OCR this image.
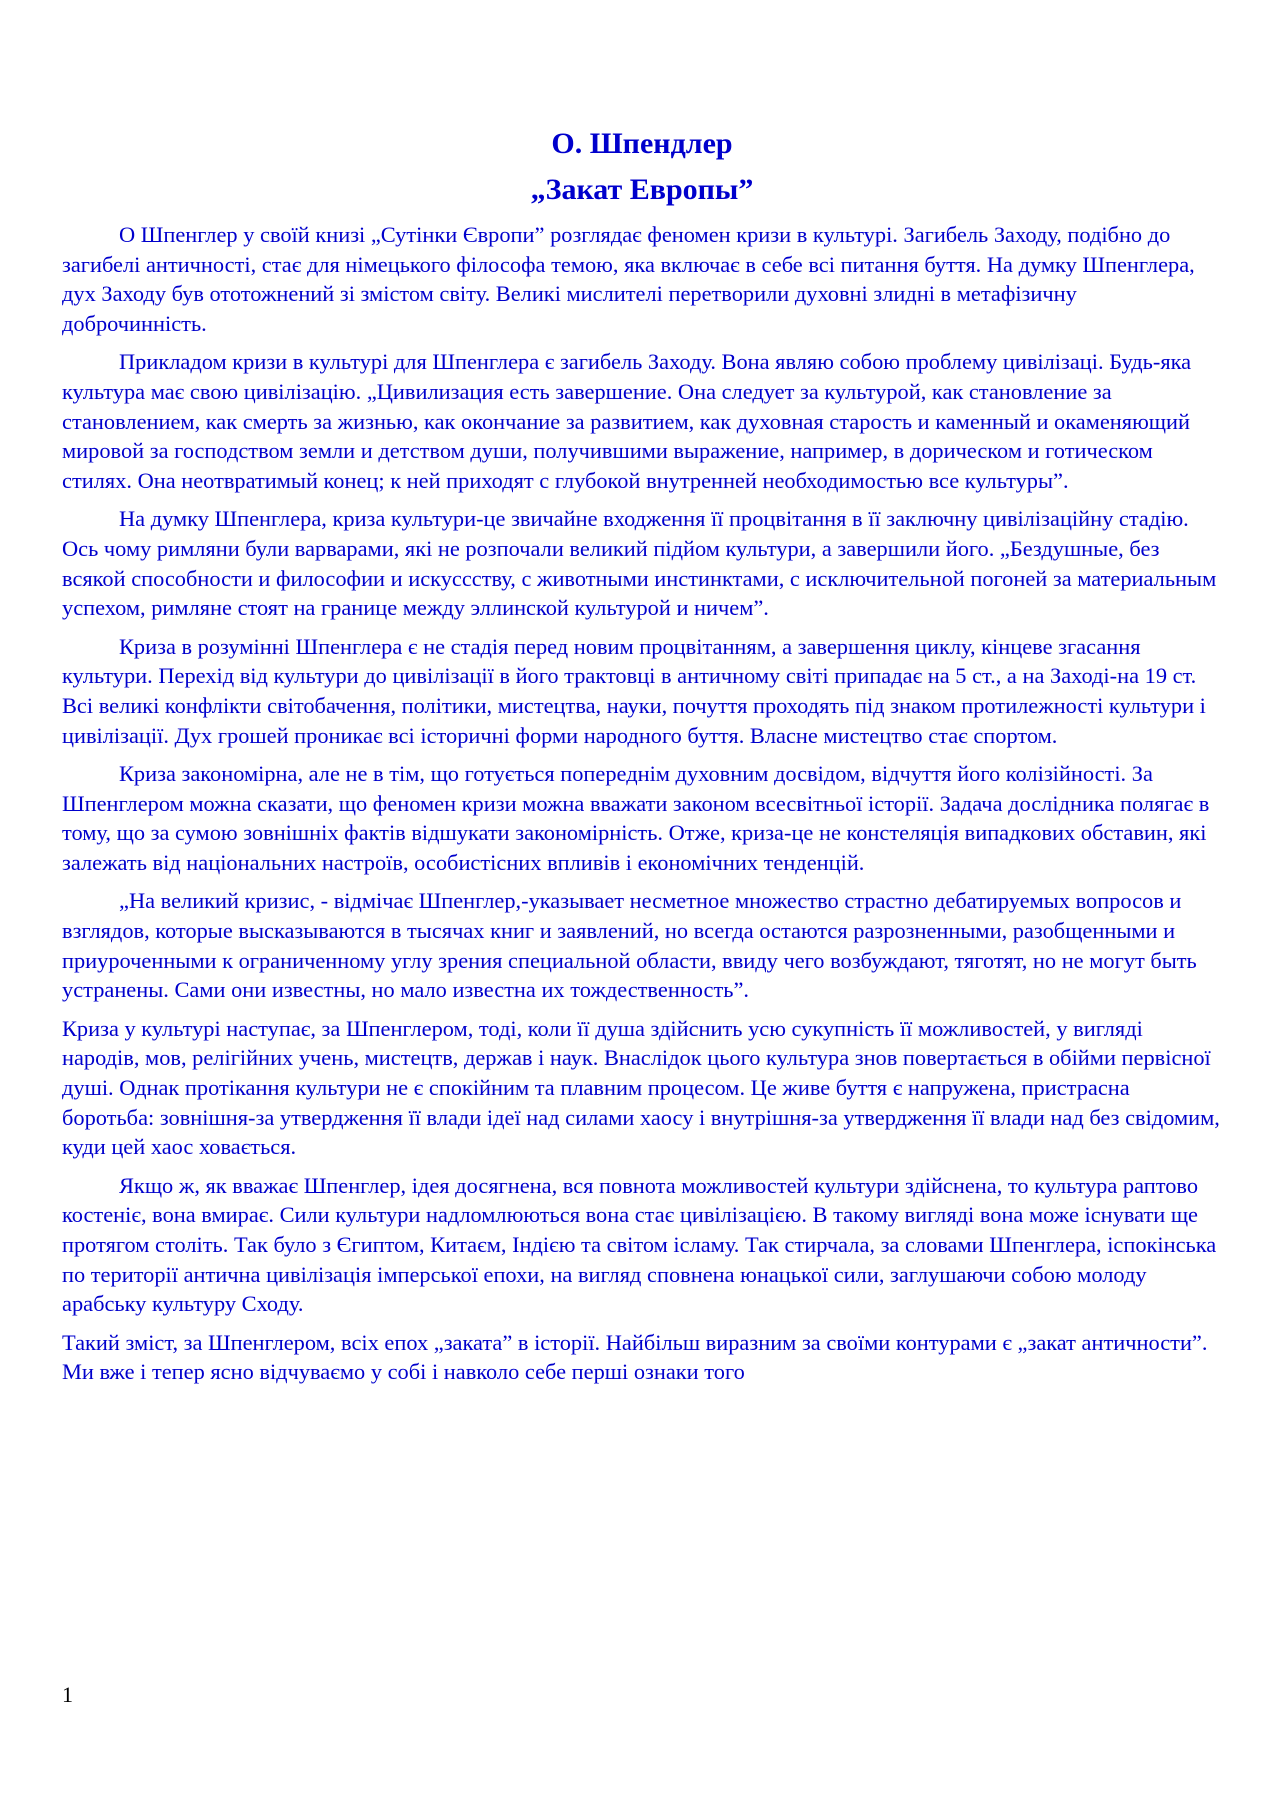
О. Шпендлер
„Закат Европы”

О Шпенглер у своїй книзі „Сутінки Європи” розглядає феномен кризи в культурі. Загибель Заходу, подібно до загибелі античності, стає для німецького філософа темою, яка включає в себе всі питання буття. На думку Шпенглера, дух Заходу був ототожнений зі змістом світу. Великі мислителі перетворили духовні злидні в метафізичну доброчинність.

Прикладом кризи в культурі для Шпенглера є загибель Заходу. Вона являю собою проблему цивілізаці. Будь-яка культура має свою цивілізацію. „Цивилизация есть завершение. Она следует за культурой, как становление за становлением, как смерть за жизнью, как окончание за развитием, как духовная старость и каменный и окаменяющий мировой за господством земли и детством души, получившими выражение, например, в дорическом и готическом стилях. Она неотвратимый конец; к ней приходят с глубокой внутренней необходимостью все культуры”.

На думку Шпенглера, криза культури-це звичайне входження її процвітання в її заключну цивілізаційну стадію. Ось чому римляни були варварами, які не розпочали великий підйом культури, а завершили його. „Бездушные, без всякой способности и философии и искуссству, с животными инстинктами, с исключительной погоней за материальным успехом, римляне стоят на границе между эллинской культурой и ничем”.

Криза в розумінні Шпенглера є не стадія перед новим процвітанням, а завершення циклу, кінцеве згасання культури. Перехід від культури до цивілізації в його трактовці в античному світі припадає на 5 ст., а на Заході-на 19 ст. Всі великі конфлікти світобачення, політики, мистецтва, науки, почуття проходять під знаком протилежності культури і цивілізації. Дух грошей проникає всі історичні форми народного буття. Власне мистецтво стає спортом.

Криза закономірна, але не в тім, що готується попереднім духовним досвідом, відчуття його колізійності. За Шпенглером можна сказати, що феномен кризи можна вважати законом всесвітньої історії. Задача дослідника полягає в тому, що за сумою зовнішніх фактів відшукати закономірність. Отже, криза-це не констеляція випадкових обставин, які залежать від національних настроїв, особистісних впливів і економічних тенденцій.

„На великий кризис, - відмічає Шпенглер,-указывает несметное множество страстно дебатируемых вопросов и взглядов, которые высказываются в тысячах книг и заявлений, но всегда остаются разрозненными, разобщенными и приуроченными к ограниченному углу зрения специальной области, ввиду чего возбуждают, тяготят, но не могут быть устранены. Сами они известны, но мало известна их тождественность”.

Криза у культурі наступає, за Шпенглером, тоді, коли її душа здійснить усю сукупність її можливостей, у вигляді народів, мов, релігійних учень, мистецтв, держав і наук. Внаслідок цього культура знов повертається в обійми первісної душі. Однак протікання культури не є спокійним та плавним процесом. Це живе буття є напружена, пристрасна боротьба: зовнішня-за утвердження її влади ідеї над силами хаосу і внутрішня-за утвердження її влади над без свідомим, куди цей хаос ховається.

Якщо ж, як вважає Шпенглер, ідея досягнена, вся повнота можливостей культури здійснена, то культура раптово костеніє, вона вмирає. Сили культури надломлюються вона стає цивілізацією. В такому вигляді вона може існувати ще протягом століть. Так було з Єгиптом, Китаєм, Індією та світом ісламу. Так стирчала, за словами Шпенглера, іспокінська по території антична цивілізація імперської епохи, на вигляд сповнена юнацької сили, заглушаючи собою молоду арабську культуру Сходу.

Такий зміст, за Шпенглером, всіх епох „заката” в історії. Найбільш виразним за своїми контурами є „закат античности”. Ми вже і тепер ясно відчуваємо у собі і навколо себе перші ознаки того

1
